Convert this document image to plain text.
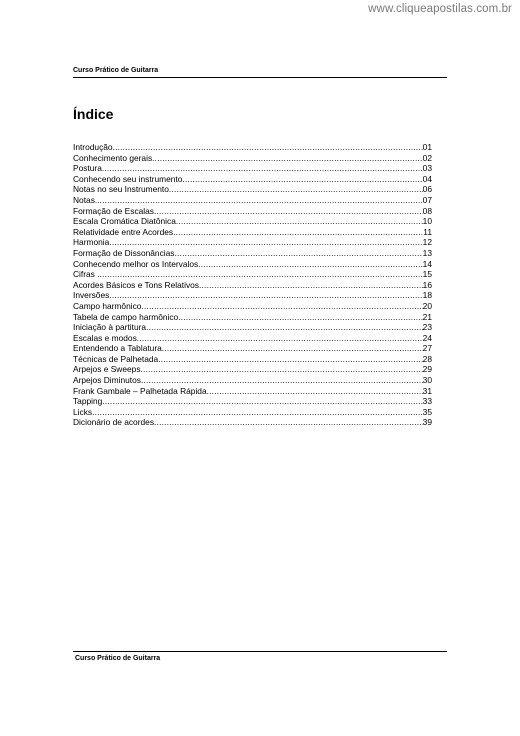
www.cliqueapostilas.com.br
Curso Prático de Guitarra
Índice
Introdução .....	01
Conhecimento gerais .....	02
Postura .....	03
Conhecendo seu instrumento .....	04
Notas no seu Instrumento .....	06
Notas.. .....	07
Formação de Escalas .....	08
Escala Cromática Diatônica .....	10
Relatividade entre Acordes .....	11
Harmonia .....	12
Formação de Dissonâncias .....	13
Conhecendo melhor os Intervalos .....	14
Cifras . .....	15
Acordes Básicos e Tons Relativos .....	16
Inversões .....	18
Campo harmônico .....	20
Tabela de campo harmônico .....	21
Iniciação à partitura .....	23
Escalas e modos .....	24
Entendendo a Tablatura .....	27
Técnicas de Palhetada .....	28
Arpejos e Sweeps .....	29
Arpejos Diminutos .....	30
Frank Gambale – Palhetada Rápida .....	31
Tapping .....	33
Licks .....	35
Dicionário de acordes .....	39
Curso Prático de Guitarra
